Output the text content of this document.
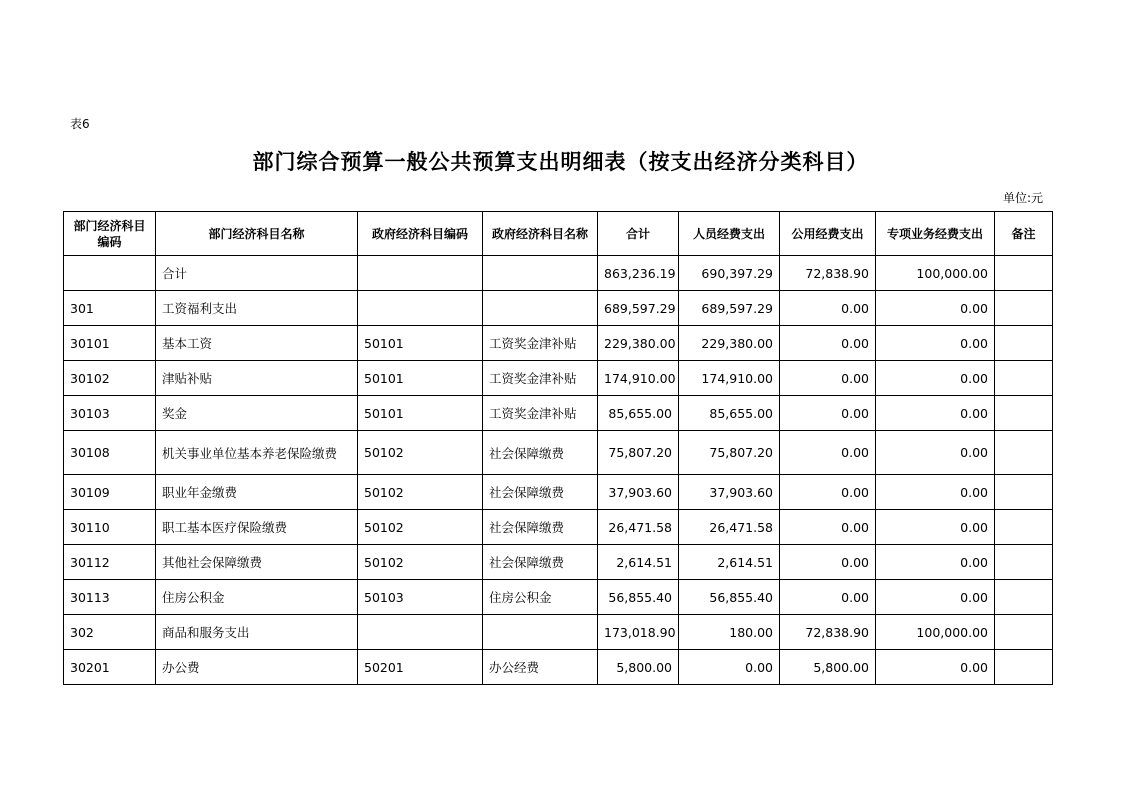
表6
部门综合预算一般公共预算支出明细表（按支出经济分类科目）
单位:元
部门经济科目编码	部门经济科目名称	政府经济科目编码	政府经济科目名称	合计	人员经费支出	公用经费支出	专项业务经费支出	备注
	合计			863,236.19	690,397.29	72,838.90	100,000.00	
301	工资福利支出			689,597.29	689,597.29	0.00	0.00	
30101	基本工资	50101	工资奖金津补贴	229,380.00	229,380.00	0.00	0.00	
30102	津贴补贴	50101	工资奖金津补贴	174,910.00	174,910.00	0.00	0.00	
30103	奖金	50101	工资奖金津补贴	85,655.00	85,655.00	0.00	0.00	
30108	机关事业单位基本养老保险缴费	50102	社会保障缴费	75,807.20	75,807.20	0.00	0.00	
30109	职业年金缴费	50102	社会保障缴费	37,903.60	37,903.60	0.00	0.00	
30110	职工基本医疗保险缴费	50102	社会保障缴费	26,471.58	26,471.58	0.00	0.00	
30112	其他社会保障缴费	50102	社会保障缴费	2,614.51	2,614.51	0.00	0.00	
30113	住房公积金	50103	住房公积金	56,855.40	56,855.40	0.00	0.00	
302	商品和服务支出			173,018.90	180.00	72,838.90	100,000.00	
30201	办公费	50201	办公经费	5,800.00	0.00	5,800.00	0.00	
